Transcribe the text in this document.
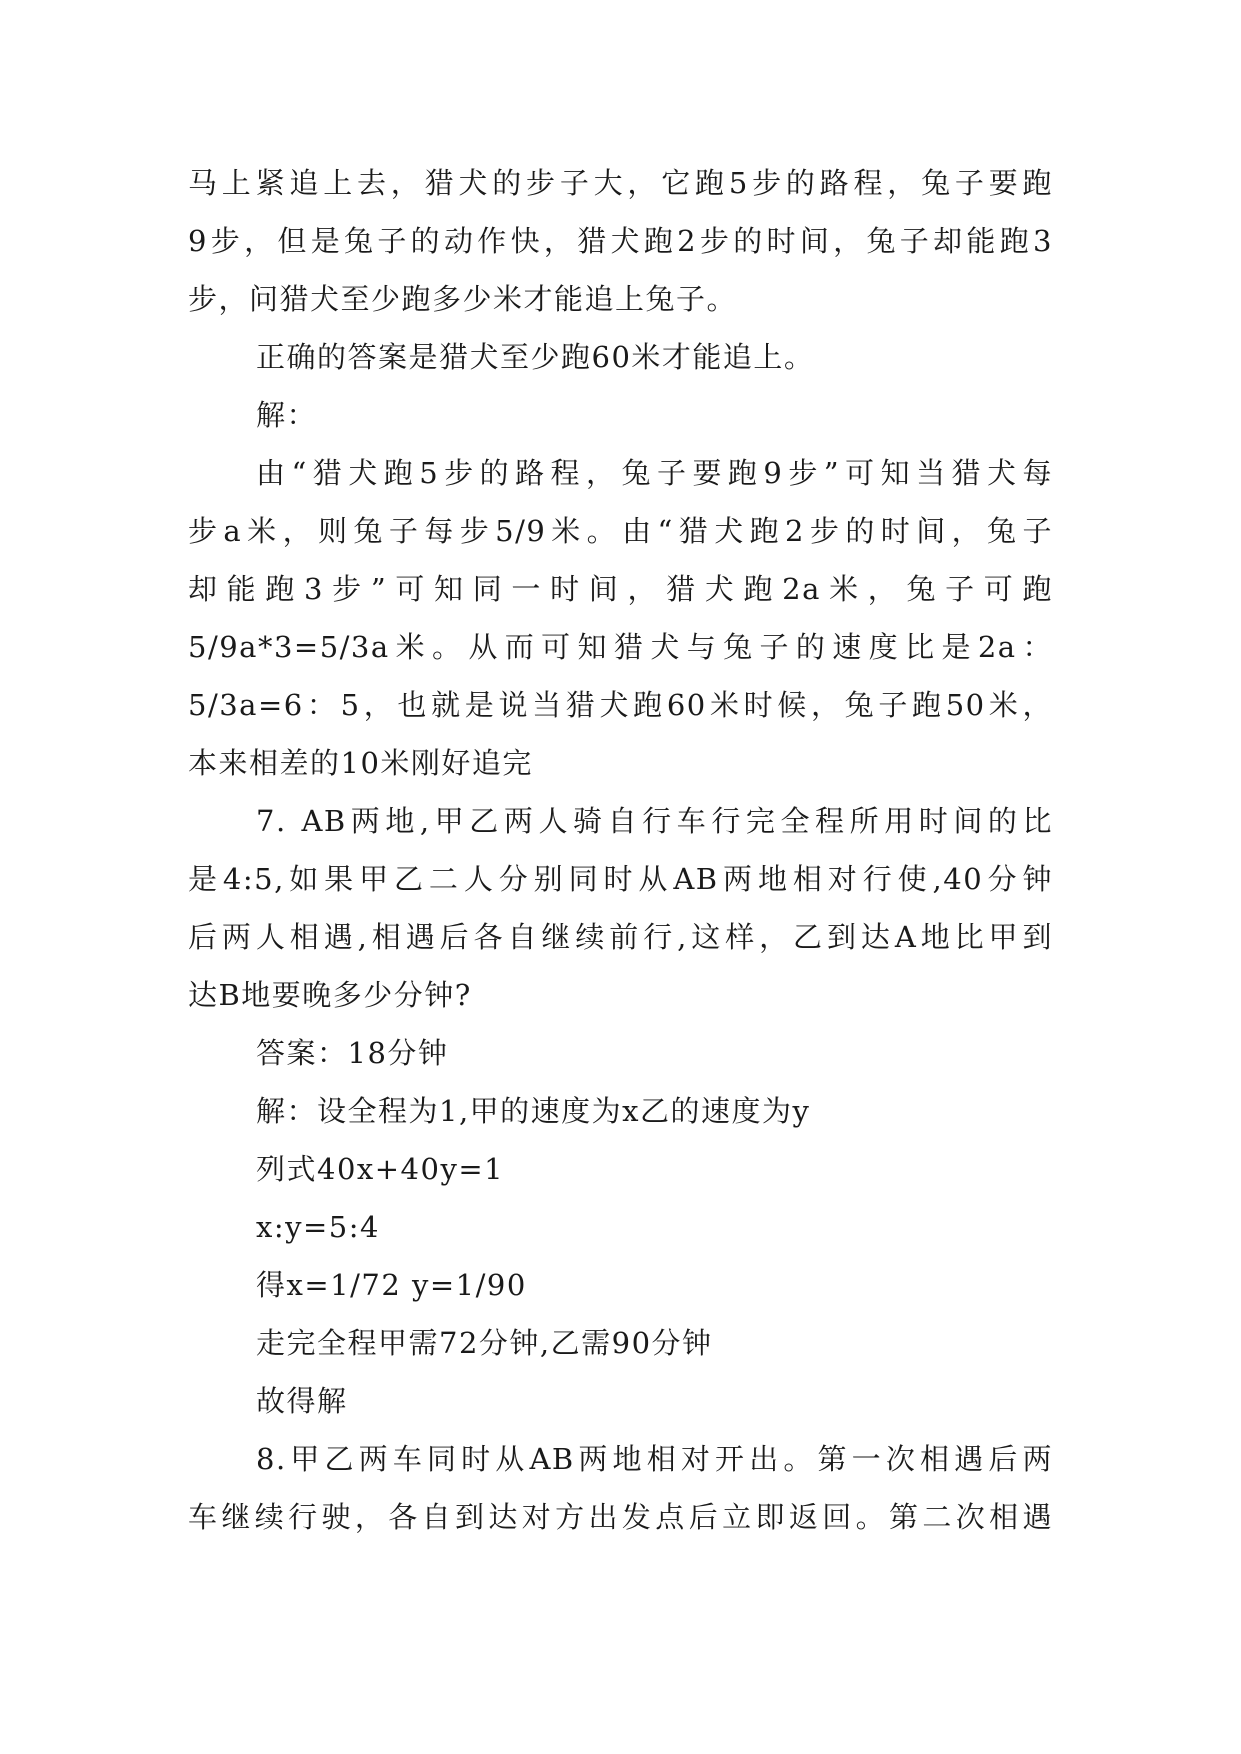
马上紧追上去，猎犬的步子大，它跑5步的路程，兔子要跑
9步，但是兔子的动作快，猎犬跑2步的时间，兔子却能跑3
步，问猎犬至少跑多少米才能追上兔子。
正确的答案是猎犬至少跑60米才能追上。
解：
由“猎犬跑5步的路程，兔子要跑9步”可知当猎犬每
步a米，则兔子每步5/9米。由“猎犬跑2步的时间，兔子
却能跑3步”可知同一时间，猎犬跑2a米，兔子可跑
5/9a*3=5/3a米。从而可知猎犬与兔子的速度比是2a：
5/3a=6：5，也就是说当猎犬跑60米时候，兔子跑50米，
本来相差的10米刚好追完
7. AB两地,甲乙两人骑自行车行完全程所用时间的比
是4:5,如果甲乙二人分别同时从AB两地相对行使,40分钟
后两人相遇,相遇后各自继续前行,这样，乙到达A地比甲到
达B地要晚多少分钟?
答案：18分钟
解：设全程为1,甲的速度为x乙的速度为y
列式40x+40y=1
x:y=5:4
得x=1/72 y=1/90
走完全程甲需72分钟,乙需90分钟
故得解
8.甲乙两车同时从AB两地相对开出。第一次相遇后两
车继续行驶，各自到达对方出发点后立即返回。第二次相遇
